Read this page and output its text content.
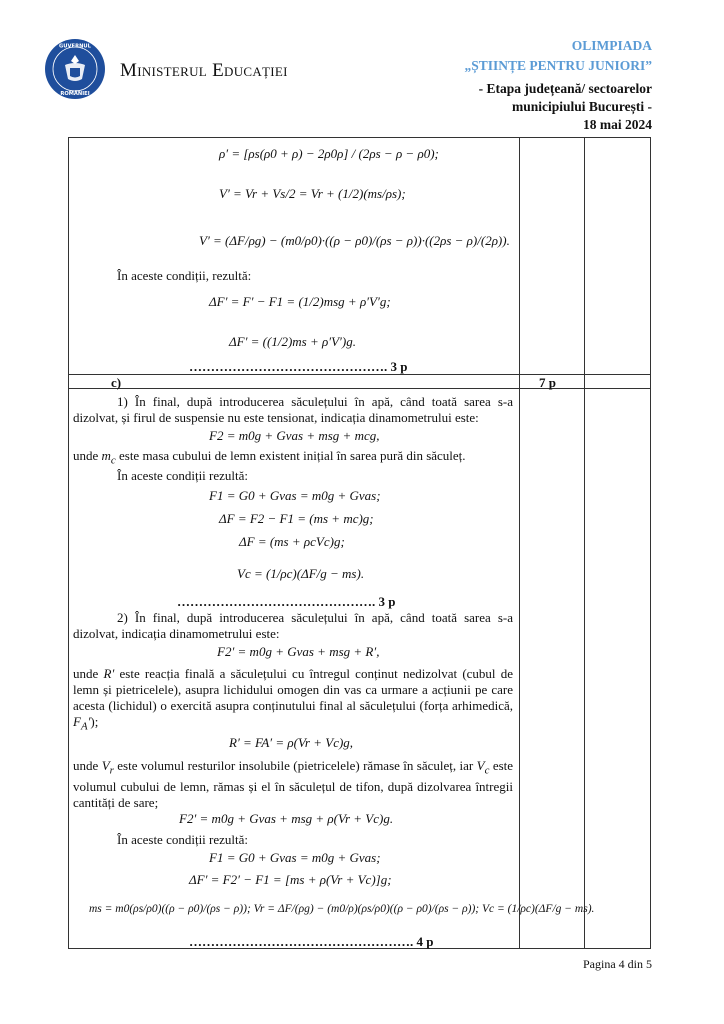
GUVERNUL
ROMÂNIEI
Ministerul Educației
OLIMPIADA
„ȘTIINȚE PENTRU JUNIORI”
- Etapa județeană/ sectoarelor
municipiului București -
18 mai 2024
ρ′ = [ρs(ρ0 + ρ) − 2ρ0ρ] / (2ρs − ρ − ρ0);
V′ = Vr + Vs/2 = Vr + (1/2)(ms/ρs);
V′ = (ΔF/ρg) − (m0/ρ0)·((ρ − ρ0)/(ρs − ρ))·((2ρs − ρ)/(2ρ)).
În aceste condiții, rezultă:
ΔF′ = F′ − F1 = (1/2)msg + ρ′V′g;
ΔF′ = ((1/2)ms + ρ′V′)g.
………………………………………. 3 p
c)	7 p
1) În final, după introducerea săculețului în apă, când toată sarea s-a dizolvat, și firul de suspensie nu este tensionat, indicația dinamometrului este:
F2 = m0g + Gvas + msg + mcg,
unde $m_c$ este masa cubului de lemn existent inițial în sarea pură din săculeț.
În aceste condiții rezultă:
F1 = G0 + Gvas = m0g + Gvas;
ΔF = F2 − F1 = (ms + mc)g;
ΔF = (ms + ρcVc)g;
Vc = (1/ρc)(ΔF/g − ms).
………………………………………. 3 p
2) În final, după introducerea săculețului în apă, când toată sarea s-a dizolvat, indicația dinamometrului este:
F2′ = m0g + Gvas + msg + R′,
unde R′ este reacția finală a săculețului cu întregul conținut nedizolvat (cubul de lemn și pietricelele), asupra lichidului omogen din vas ca urmare a acțiunii pe care acesta (lichidul) o exercită asupra conținutului final al săculețului (forța arhimedică, $F_A'$);
R′ = FA′ = ρ(Vr + Vc)g,
unde $V_r$ este volumul resturilor insolubile (pietricelele) rămase în săculeț, iar $V_c$ este volumul cubului de lemn, rămas și el în săculețul de tifon, după dizolvarea întregii cantități de sare;
F2′ = m0g + Gvas + msg + ρ(Vr + Vc)g.
În aceste condiții rezultă:
F1 = G0 + Gvas = m0g + Gvas;
ΔF′ = F2′ − F1 = [ms + ρ(Vr + Vc)]g;
ms = m0(ρs/ρ0)((ρ − ρ0)/(ρs − ρ)); Vr = ΔF/(ρg) − (m0/ρ)(ρs/ρ0)((ρ − ρ0)/(ρs − ρ)); Vc = (1/ρc)(ΔF/g − ms).
……………………………………………. 4 p
Pagina 4 din 5
